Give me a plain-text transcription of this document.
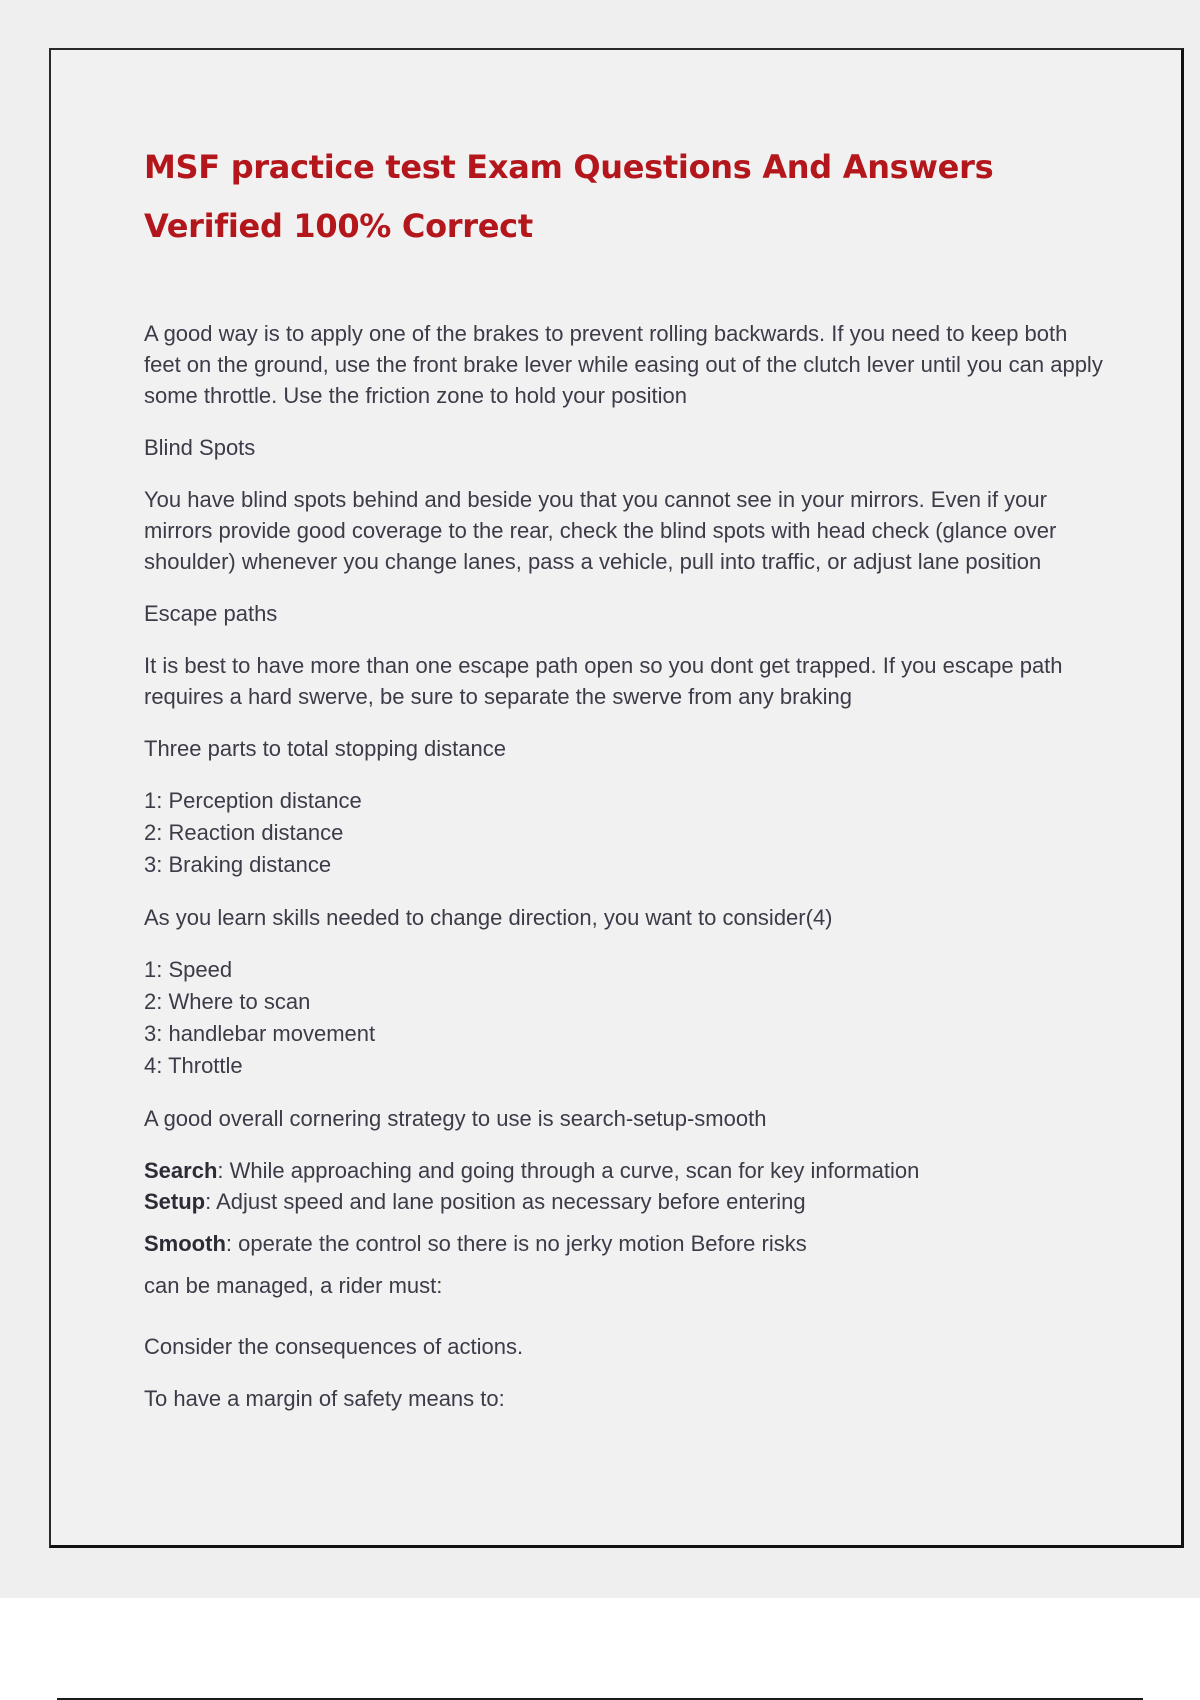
MSF practice test Exam Questions And Answers Verified 100% Correct

A good way is to apply one of the brakes to prevent rolling backwards. If you need to keep both feet on the ground, use the front brake lever while easing out of the clutch lever until you can apply some throttle. Use the friction zone to hold your position

Blind Spots

You have blind spots behind and beside you that you cannot see in your mirrors. Even if your mirrors provide good coverage to the rear, check the blind spots with head check (glance over shoulder) whenever you change lanes, pass a vehicle, pull into traffic, or adjust lane position

Escape paths

It is best to have more than one escape path open so you dont get trapped. If you escape path requires a hard swerve, be sure to separate the swerve from any braking

Three parts to total stopping distance

1: Perception distance
2: Reaction distance
3: Braking distance

As you learn skills needed to change direction, you want to consider(4)

1: Speed
2: Where to scan
3: handlebar movement
4: Throttle

A good overall cornering strategy to use is search-setup-smooth

Search: While approaching and going through a curve, scan for key information

Setup: Adjust speed and lane position as necessary before entering

Smooth: operate the control so there is no jerky motion Before risks

can be managed, a rider must:

Consider the consequences of actions.

To have a margin of safety means to:
